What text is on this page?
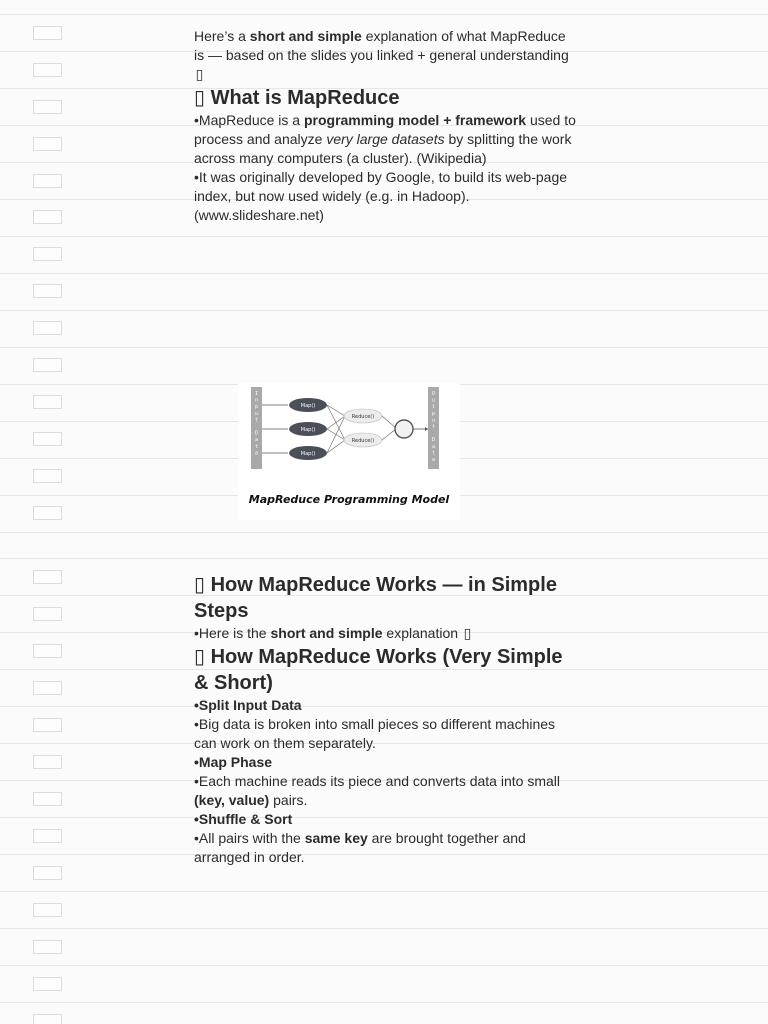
Here’s a short and simple explanation of what MapReduce is — based on the slides you linked + general understanding ▯

▯ What is MapReduce

•MapReduce is a programming model + framework used to process and analyze very large datasets by splitting the work across many computers (a cluster). (Wikipedia)

•It was originally developed by Google, to build its web-page index, but now used widely (e.g. in Hadoop). (www.slideshare.net)

I n p u t D a t a
O u t p u t D a t a
Map()
Map()
Map()
Reduce()
Reduce()
MapReduce Programming Model

▯ How MapReduce Works — in Simple Steps

•Here is the short and simple explanation ▯

▯ How MapReduce Works (Very Simple & Short)

•Split Input Data

•Big data is broken into small pieces so different machines can work on them separately.

•Map Phase

•Each machine reads its piece and converts data into small (key, value) pairs.

•Shuffle & Sort

•All pairs with the same key are brought together and arranged in order.
